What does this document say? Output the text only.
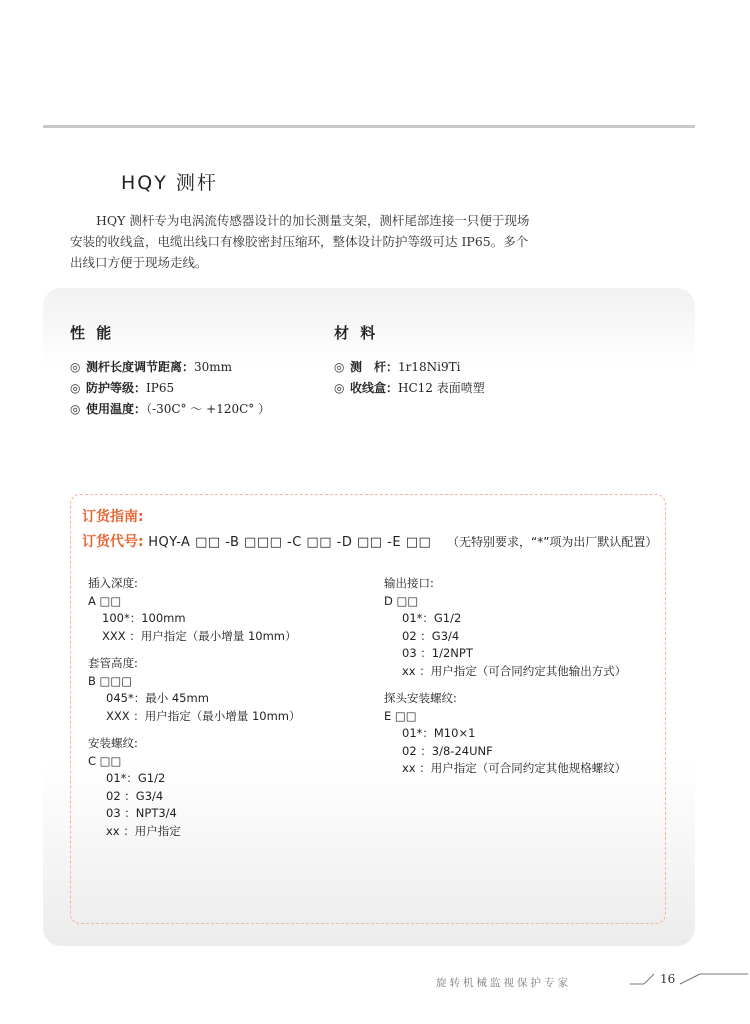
HQY 测杆

HQY 测杆专为电涡流传感器设计的加长测量支架，测杆尾部连接一只便于现场安装的收线盒，电缆出线口有橡胶密封压缩环，整体设计防护等级可达 IP65。多个出线口方便于现场走线。

性 能
◎ 测杆长度调节距离：30mm
◎ 防护等级：IP65
◎ 使用温度：（-30C° ～ +120C° ）
材 料
◎ 测　杆：1r18Ni9Ti
◎ 收线盒：HC12 表面喷塑
订货指南:
订货代号: HQY-A □□ -B □□□ -C □□ -D □□ -E □□ （无特别要求，“*”项为出厂默认配置）
插入深度:
A □□
100*：100mm
XXX ：用户指定（最小增量 10mm）
套管高度:
B □□□
045*：最小 45mm
XXX ：用户指定（最小增量 10mm）
安装螺纹:
C □□
01*：G1/2
02 ：G3/4
03 ：NPT3/4
xx ：用户指定
输出接口:
D □□
01*：G1/2
02 ：G3/4
03 ：1/2NPT
xx ：用户指定（可合同约定其他输出方式）
探头安装螺纹:
E □□
01*：M10×1
02 ：3/8-24UNF
xx ：用户指定（可合同约定其他规格螺纹）
旋转机械监视保护专家	16
